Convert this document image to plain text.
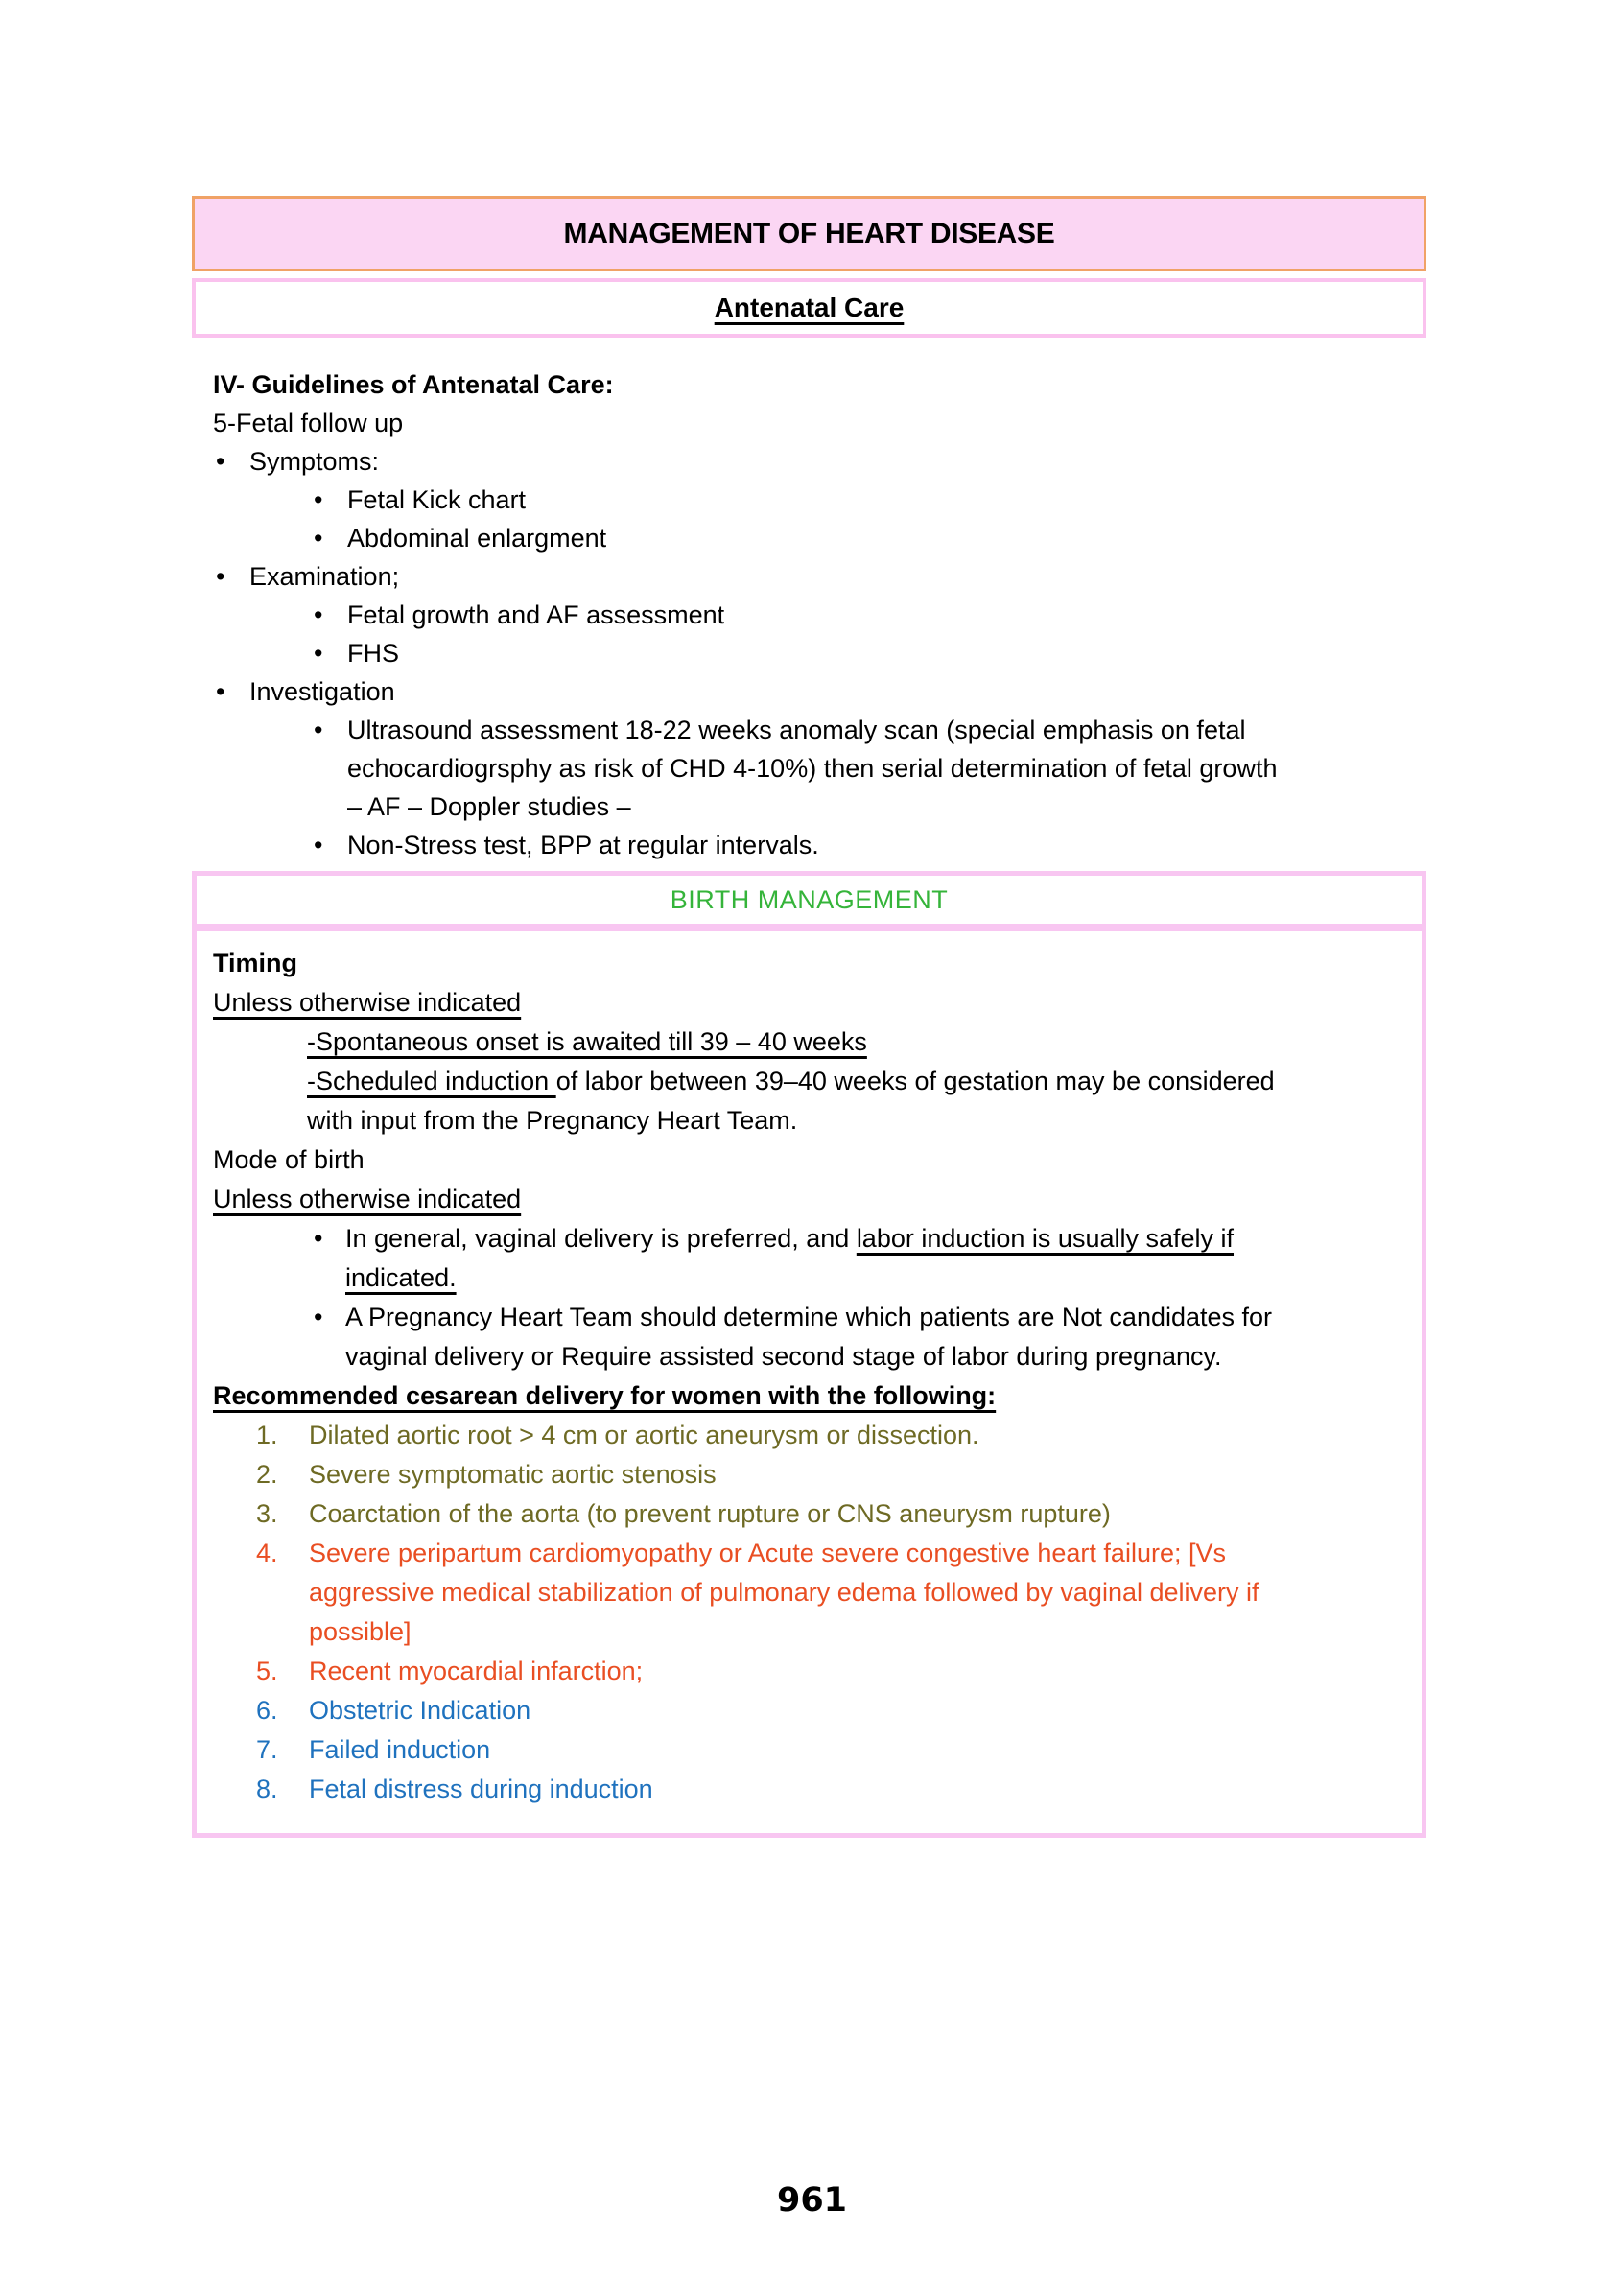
MANAGEMENT OF HEART DISEASE
Antenatal Care
IV- Guidelines of Antenatal Care:
5-Fetal follow up
• Symptoms:
• Fetal Kick chart
• Abdominal enlargment
• Examination;
• Fetal growth and AF assessment
• FHS
• Investigation
• Ultrasound assessment 18-22 weeks anomaly scan (special emphasis on fetal
echocardiogrsphy as risk of CHD 4-10%) then serial determination of fetal growth
– AF – Doppler studies –
• Non-Stress test, BPP at regular intervals.
BIRTH MANAGEMENT
Timing
Unless otherwise indicated
-Spontaneous onset is awaited till 39 – 40 weeks
-Scheduled induction of labor between 39–40 weeks of gestation may be considered
with input from the Pregnancy Heart Team.
Mode of birth
Unless otherwise indicated
• In general, vaginal delivery is preferred, and labor induction is usually safely if
indicated.
• A Pregnancy Heart Team should determine which patients are Not candidates for
vaginal delivery or Require assisted second stage of labor during pregnancy.
Recommended cesarean delivery for women with the following:
1. Dilated aortic root > 4 cm or aortic aneurysm or dissection.
2. Severe symptomatic aortic stenosis
3. Coarctation of the aorta (to prevent rupture or CNS aneurysm rupture)
4. Severe peripartum cardiomyopathy or Acute severe congestive heart failure; [Vs
aggressive medical stabilization of pulmonary edema followed by vaginal delivery if
possible]
5. Recent myocardial infarction;
6. Obstetric Indication
7. Failed induction
8. Fetal distress during induction
961
